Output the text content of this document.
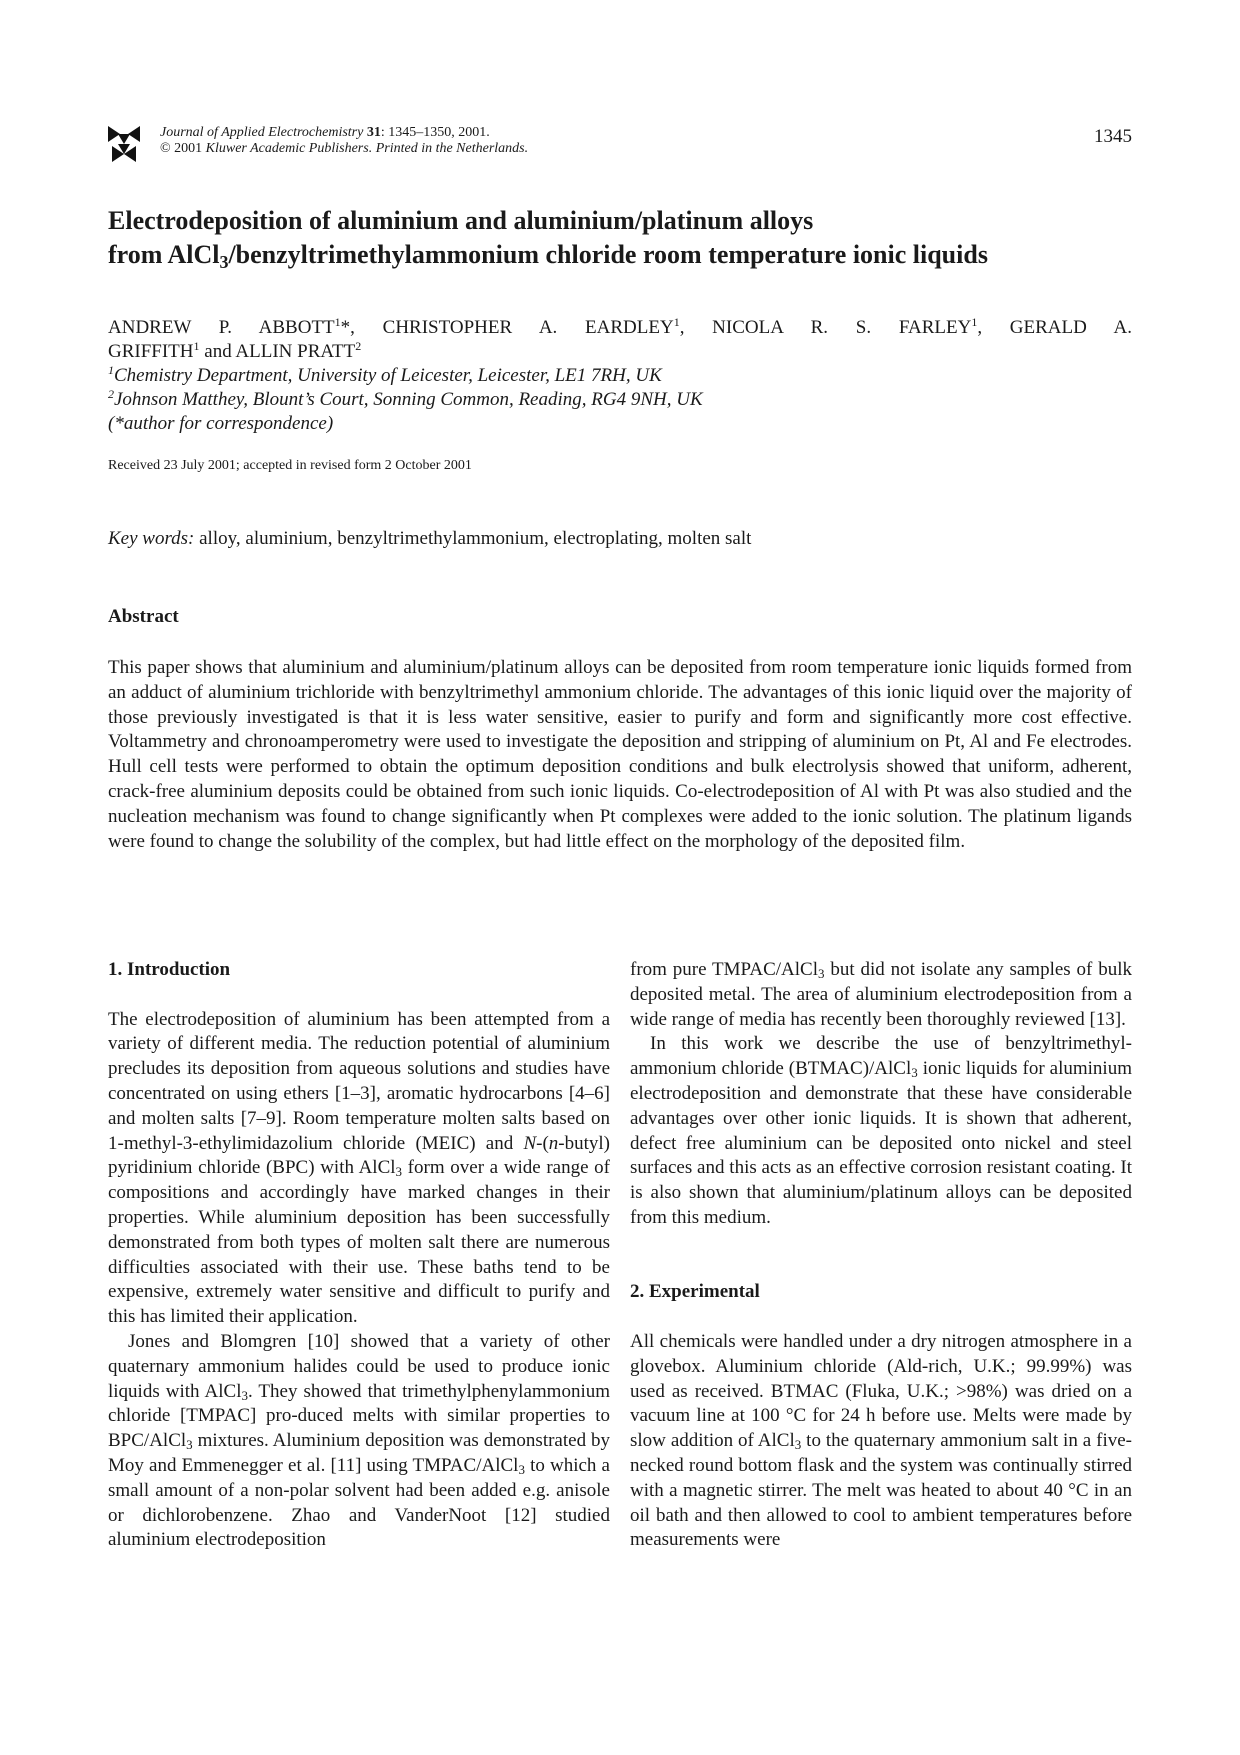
Journal of Applied Electrochemistry 31: 1345–1350, 2001.
© 2001 Kluwer Academic Publishers. Printed in the Netherlands.
1345
Electrodeposition of aluminium and aluminium/platinum alloys
from AlCl$_3$/benzyltrimethylammonium chloride room temperature ionic liquids
ANDREW P. ABBOTT$^1$*, CHRISTOPHER A. EARDLEY$^1$, NICOLA R. S. FARLEY$^1$, GERALD A.
GRIFFITH$^1$ and ALLIN PRATT$^2$
$^1$Chemistry Department, University of Leicester, Leicester, LE1 7RH, UK
$^2$Johnson Matthey, Blount’s Court, Sonning Common, Reading, RG4 9NH, UK
(*author for correspondence)
Received 23 July 2001; accepted in revised form 2 October 2001
Key words: alloy, aluminium, benzyltrimethylammonium, electroplating, molten salt
Abstract

This paper shows that aluminium and aluminium/platinum alloys can be deposited from room temperature ionic liquids formed from an adduct of aluminium trichloride with benzyltrimethyl ammonium chloride. The advantages of this ionic liquid over the majority of those previously investigated is that it is less water sensitive, easier to purify and form and significantly more cost effective. Voltammetry and chronoamperometry were used to investigate the deposition and stripping of aluminium on Pt, Al and Fe electrodes. Hull cell tests were performed to obtain the optimum deposition conditions and bulk electrolysis showed that uniform, adherent, crack-free aluminium deposits could be obtained from such ionic liquids. Co-electrodeposition of Al with Pt was also studied and the nucleation mechanism was found to change significantly when Pt complexes were added to the ionic solution. The platinum ligands were found to change the solubility of the complex, but had little effect on the morphology of the deposited film.

1. Introduction

The electrodeposition of aluminium has been attempted from a variety of different media. The reduction potential of aluminium precludes its deposition from aqueous solutions and studies have concentrated on using ethers [1–3], aromatic hydrocarbons [4–6] and molten salts [7–9]. Room temperature molten salts based on 1-methyl-3-ethylimidazolium chloride (MEIC) and N-(n-butyl) pyridinium chloride (BPC) with AlCl$_3$ form over a wide range of compositions and accordingly have marked changes in their properties. While aluminium deposition has been successfully demonstrated from both types of molten salt there are numerous difficulties associated with their use. These baths tend to be expensive, extremely water sensitive and difficult to purify and this has limited their application.

Jones and Blomgren [10] showed that a variety of other quaternary ammonium halides could be used to produce ionic liquids with AlCl$_3$. They showed that trimethylphenylammonium chloride [TMPAC] pro-duced melts with similar properties to BPC/AlCl$_3$ mixtures. Aluminium deposition was demonstrated by Moy and Emmenegger et al. [11] using TMPAC/AlCl$_3$ to which a small amount of a non-polar solvent had been added e.g. anisole or dichlorobenzene. Zhao and VanderNoot [12] studied aluminium electrodeposition

from pure TMPAC/AlCl$_3$ but did not isolate any samples of bulk deposited metal. The area of aluminium electrodeposition from a wide range of media has recently been thoroughly reviewed [13].

In this work we describe the use of benzyltrimethyl-ammonium chloride (BTMAC)/AlCl$_3$ ionic liquids for aluminium electrodeposition and demonstrate that these have considerable advantages over other ionic liquids. It is shown that adherent, defect free aluminium can be deposited onto nickel and steel surfaces and this acts as an effective corrosion resistant coating. It is also shown that aluminium/platinum alloys can be deposited from this medium.

2. Experimental

All chemicals were handled under a dry nitrogen atmosphere in a glovebox. Aluminium chloride (Ald-rich, U.K.; 99.99%) was used as received. BTMAC (Fluka, U.K.; >98%) was dried on a vacuum line at 100 °C for 24 h before use. Melts were made by slow addition of AlCl$_3$ to the quaternary ammonium salt in a five-necked round bottom flask and the system was continually stirred with a magnetic stirrer. The melt was heated to about 40 °C in an oil bath and then allowed to cool to ambient temperatures before measurements were
